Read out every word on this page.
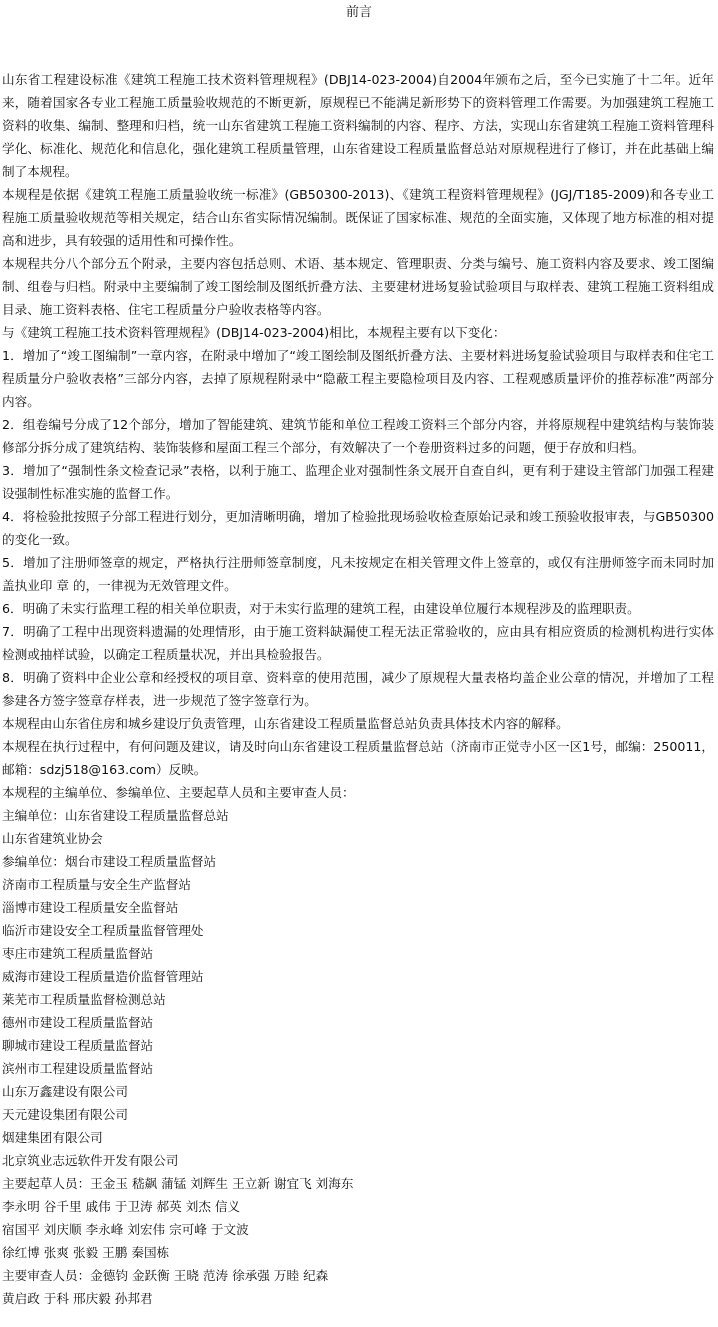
前言

山东省工程建设标准《建筑工程施工技术资料管理规程》(DBJ14-023-2004)自2004年颁布之后，至今已实施了十二年。近年来，随着国家各专业工程施工质量验收规范的不断更新，原规程已不能满足新形势下的资料管理工作需要。为加强建筑工程施工资料的收集、编制、整理和归档，统一山东省建筑工程施工资料编制的内容、程序、方法，实现山东省建筑工程施工资料管理科学化、标准化、规范化和信息化，强化建筑工程质量管理，山东省建设工程质量监督总站对原规程进行了修订，并在此基础上编制了本规程。

本规程是依据《建筑工程施工质量验收统一标准》(GB50300-2013)、《建筑工程资料管理规程》(JGJ/T185-2009)和各专业工程施工质量验收规范等相关规定，结合山东省实际情况编制。既保证了国家标准、规范的全面实施，又体现了地方标准的相对提高和进步，具有较强的适用性和可操作性。

本规程共分八个部分五个附录，主要内容包括总则、术语、基本规定、管理职责、分类与编号、施工资料内容及要求、竣工图编制、组卷与归档。附录中主要编制了竣工图绘制及图纸折叠方法、主要建材进场复验试验项目与取样表、建筑工程施工资料组成目录、施工资料表格、住宅工程质量分户验收表格等内容。

与《建筑工程施工技术资料管理规程》(DBJ14-023-2004)相比，本规程主要有以下变化：

1．增加了“竣工图编制”一章内容，在附录中增加了“竣工图绘制及图纸折叠方法、主要材料进场复验试验项目与取样表和住宅工程质量分户验收表格”三部分内容，去掉了原规程附录中“隐蔽工程主要隐检项目及内容、工程观感质量评价的推荐标准”两部分内容。

2．组卷编号分成了12个部分，增加了智能建筑、建筑节能和单位工程竣工资料三个部分内容，并将原规程中建筑结构与装饰装修部分拆分成了建筑结构、装饰装修和屋面工程三个部分，有效解决了一个卷册资料过多的问题，便于存放和归档。

3．增加了“强制性条文检查记录”表格，以利于施工、监理企业对强制性条文展开自查自纠，更有利于建设主管部门加强工程建设强制性标准实施的监督工作。

4．将检验批按照子分部工程进行划分，更加清晰明确，增加了检验批现场验收检查原始记录和竣工预验收报审表，与GB50300的变化一致。

5．增加了注册师签章的规定，严格执行注册师签章制度，凡未按规定在相关管理文件上签章的，或仅有注册师签字而未同时加盖执业印 章 的，一律视为无效管理文件。

6．明确了未实行监理工程的相关单位职责，对于未实行监理的建筑工程，由建设单位履行本规程涉及的监理职责。

7．明确了工程中出现资料遗漏的处理情形，由于施工资料缺漏使工程无法正常验收的，应由具有相应资质的检测机构进行实体检测或抽样试验，以确定工程质量状况，并出具检验报告。

8．明确了资料中企业公章和经授权的项目章、资料章的使用范围，减少了原规程大量表格均盖企业公章的情况，并增加了工程参建各方签字签章存样表，进一步规范了签字签章行为。

本规程由山东省住房和城乡建设厅负责管理，山东省建设工程质量监督总站负责具体技术内容的解释。

本规程在执行过程中，有何问题及建议，请及时向山东省建设工程质量监督总站（济南市正觉寺小区一区1号，邮编：250011，邮箱：sdzj518@163.com）反映。

本规程的主编单位、参编单位、主要起草人员和主要审查人员：

主编单位：山东省建设工程质量监督总站

山东省建筑业协会

参编单位：烟台市建设工程质量监督站

济南市工程质量与安全生产监督站

淄博市建设工程质量安全监督站

临沂市建设安全工程质量监督管理处

枣庄市建筑工程质量监督站

威海市建设工程质量造价监督管理站

莱芜市工程质量监督检测总站

德州市建设工程质量监督站

聊城市建设工程质量监督站

滨州市工程建设质量监督站

山东万鑫建设有限公司

天元建设集团有限公司

烟建集团有限公司

北京筑业志远软件开发有限公司

主要起草人员：王金玉 嵇飙 蒲锰 刘辉生 王立新 谢宜飞 刘海东

李永明 谷千里 戚伟 于卫涛 郝英 刘杰 信义

宿国平 刘庆顺 李永峰 刘宏伟 宗可峰 于文波

徐红博 张爽 张毅 王鹏 秦国栋

主要审查人员：金德钧 金跃衡 王晓 范涛 徐承强 万睦 纪森

黄启政 于科 邢庆毅 孙邦君
